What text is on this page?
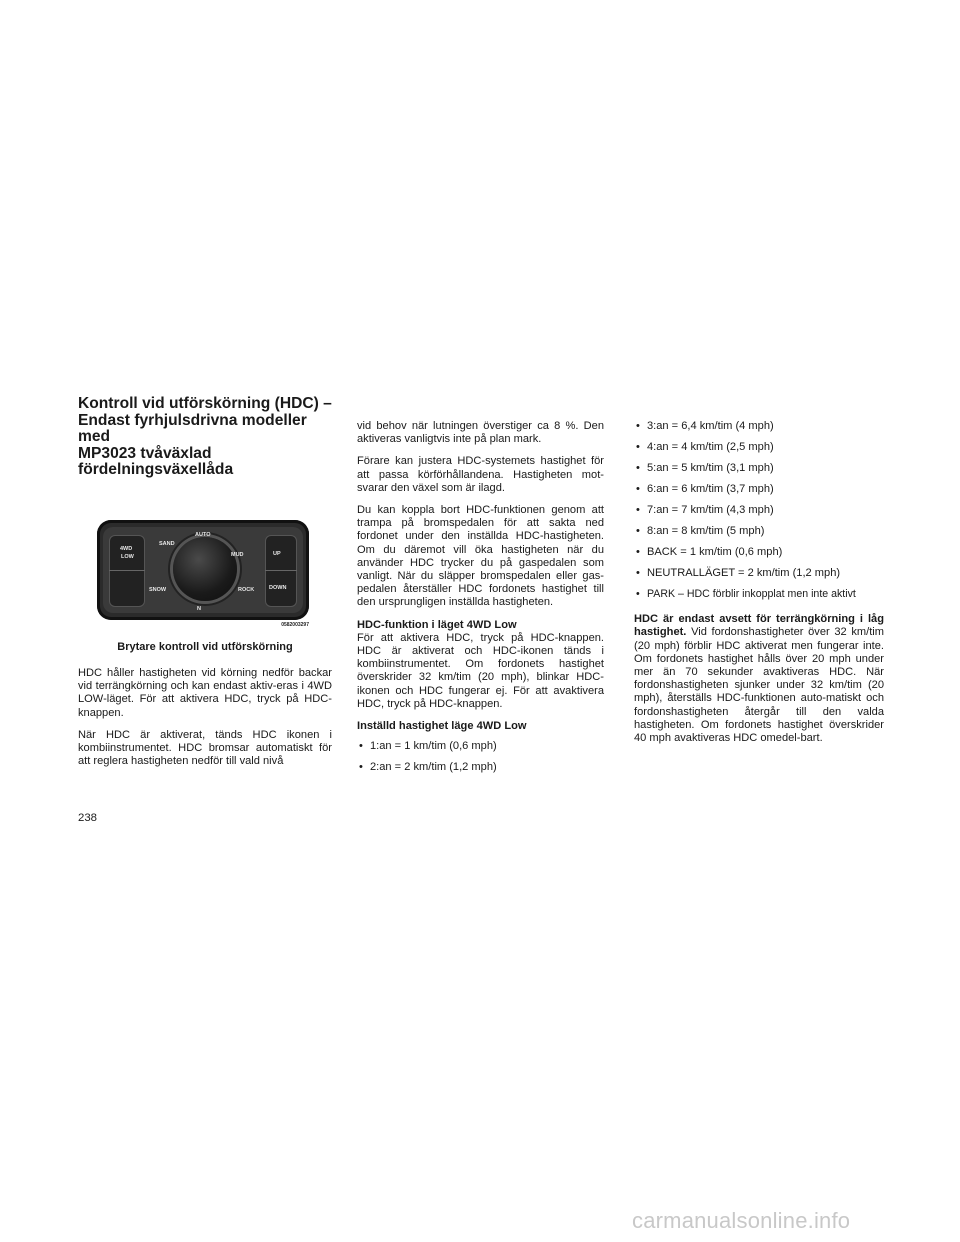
Kontroll vid utförskörning (HDC) –
Endast fyrhjulsdrivna modeller med
MP3023 tvåväxlad
fördelningsväxellåda
SAND
AUTO
MUD
SNOW	ROCK
4WD
LOW	UP
DOWN
N
0582003297
Brytare kontroll vid utförskörning

HDC håller hastigheten vid körning nedför backar vid terrängkörning och kan endast aktiv-eras i 4WD LOW-läget. För att aktivera HDC, tryck på HDC-knappen.

När HDC är aktiverat, tänds HDC ikonen i kombiinstrumentet. HDC bromsar automatiskt för att reglera hastigheten nedför till vald nivå

vid behov när lutningen överstiger ca 8 %. Den aktiveras vanligtvis inte på plan mark.

Förare kan justera HDC-systemets hastighet för att passa körförhållandena. Hastigheten mot-svarar den växel som är ilagd.

Du kan koppla bort HDC-funktionen genom att trampa på bromspedalen för att sakta ned fordonet under den inställda HDC-hastigheten. Om du däremot vill öka hastigheten när du använder HDC trycker du på gaspedalen som vanligt. När du släpper bromspedalen eller gas-pedalen återställer HDC fordonets hastighet till den ursprungligen inställda hastigheten.

HDC-funktion i läget 4WD Low

För att aktivera HDC, tryck på HDC-knappen. HDC är aktiverat och HDC-ikonen tänds i kombiinstrumentet. Om fordonets hastighet överskrider 32 km/tim (20 mph), blinkar HDC-ikonen och HDC fungerar ej. För att avaktivera HDC, tryck på HDC-knappen.

Inställd hastighet läge 4WD Low
• 1:an = 1 km/tim (0,6 mph)
• 2:an = 2 km/tim (1,2 mph)
• 3:an = 6,4 km/tim (4 mph)
• 4:an = 4 km/tim (2,5 mph)
• 5:an = 5 km/tim (3,1 mph)
• 6:an = 6 km/tim (3,7 mph)
• 7:an = 7 km/tim (4,3 mph)
• 8:an = 8 km/tim (5 mph)
• BACK = 1 km/tim (0,6 mph)
• NEUTRALLÄGET = 2 km/tim (1,2 mph)
• PARK – HDC förblir inkopplat men inte aktivt

HDC är endast avsett för terrängkörning i låg hastighet. Vid fordonshastigheter över 32 km/tim (20 mph) förblir HDC aktiverat men fungerar inte. Om fordonets hastighet hålls över 20 mph under mer än 70 sekunder avaktiveras HDC. När fordonshastigheten sjunker under 32 km/tim (20 mph), återställs HDC-funktionen auto-matiskt och fordonshastigheten återgår till den valda hastigheten. Om fordonets hastighet överskrider 40 mph avaktiveras HDC omedel-bart.

238
carmanualsonline.info
